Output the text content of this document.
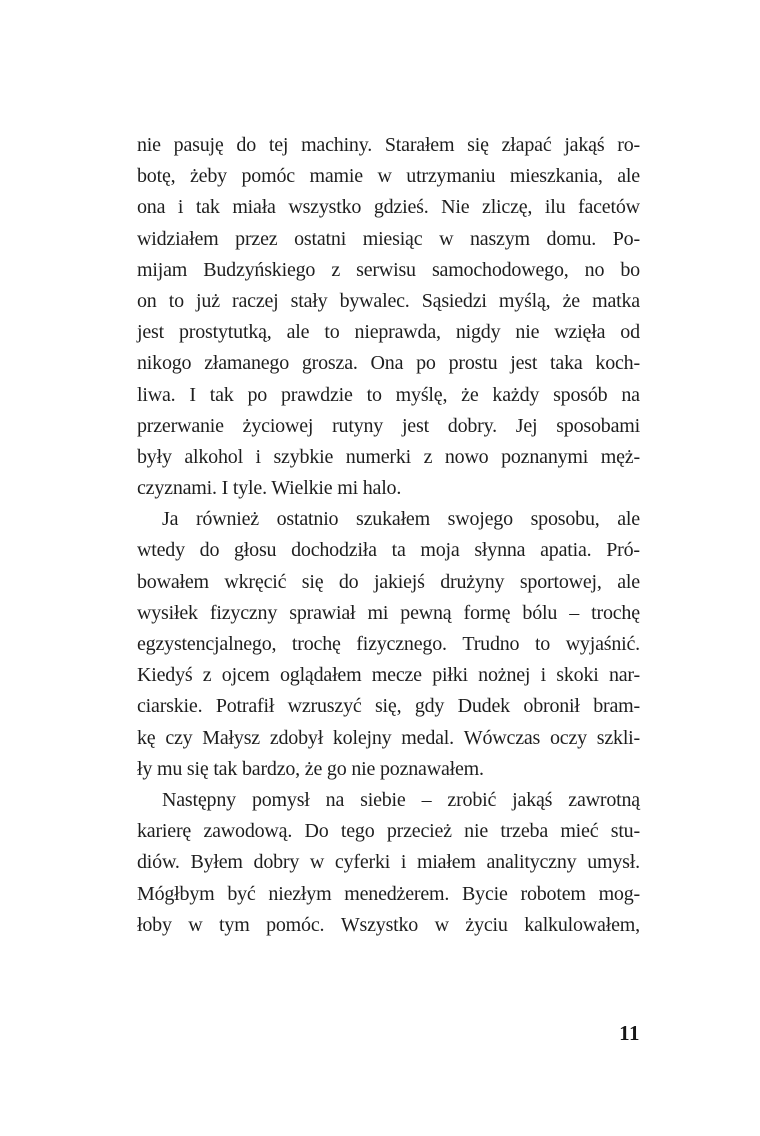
nie pasuję do tej machiny. Starałem się złapać jakąś ro-
botę, żeby pomóc mamie w utrzymaniu mieszkania, ale
ona i tak miała wszystko gdzieś. Nie zliczę, ilu facetów
widziałem przez ostatni miesiąc w naszym domu. Po-
mijam Budzyńskiego z serwisu samochodowego, no bo
on to już raczej stały bywalec. Sąsiedzi myślą, że matka
jest prostytutką, ale to nieprawda, nigdy nie wzięła od
nikogo złamanego grosza. Ona po prostu jest taka koch-
liwa. I tak po prawdzie to myślę, że każdy sposób na
przerwanie życiowej rutyny jest dobry. Jej sposobami
były alkohol i szybkie numerki z nowo poznanymi męż-
czyznami. I tyle. Wielkie mi halo.

Ja również ostatnio szukałem swojego sposobu, ale
wtedy do głosu dochodziła ta moja słynna apatia. Pró-
bowałem wkręcić się do jakiejś drużyny sportowej, ale
wysiłek fizyczny sprawiał mi pewną formę bólu – trochę
egzystencjalnego, trochę fizycznego. Trudno to wyjaśnić.
Kiedyś z ojcem oglądałem mecze piłki nożnej i skoki nar-
ciarskie. Potrafił wzruszyć się, gdy Dudek obronił bram-
kę czy Małysz zdobył kolejny medal. Wówczas oczy szkli-
ły mu się tak bardzo, że go nie poznawałem.

Następny pomysł na siebie – zrobić jakąś zawrotną
karierę zawodową. Do tego przecież nie trzeba mieć stu-
diów. Byłem dobry w cyferki i miałem analityczny umysł.
Mógłbym być niezłym menedżerem. Bycie robotem mog-
łoby w tym pomóc. Wszystko w życiu kalkulowałem,

11
